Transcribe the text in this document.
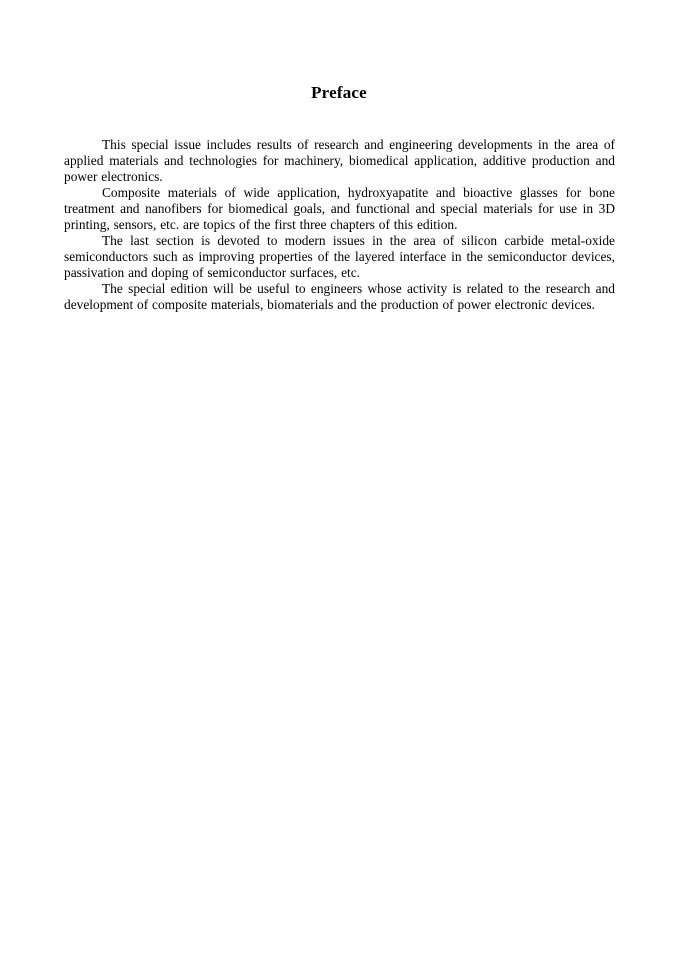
Preface

This special issue includes results of research and engineering developments in the area of applied materials and technologies for machinery, biomedical application, additive production and power electronics.

Composite materials of wide application, hydroxyapatite and bioactive glasses for bone treatment and nanofibers for biomedical goals, and functional and special materials for use in 3D printing, sensors, etc. are topics of the first three chapters of this edition.

The last section is devoted to modern issues in the area of silicon carbide metal-oxide semiconductors such as improving properties of the layered interface in the semiconductor devices, passivation and doping of semiconductor surfaces, etc.

The special edition will be useful to engineers whose activity is related to the research and development of composite materials, biomaterials and the production of power electronic devices.
